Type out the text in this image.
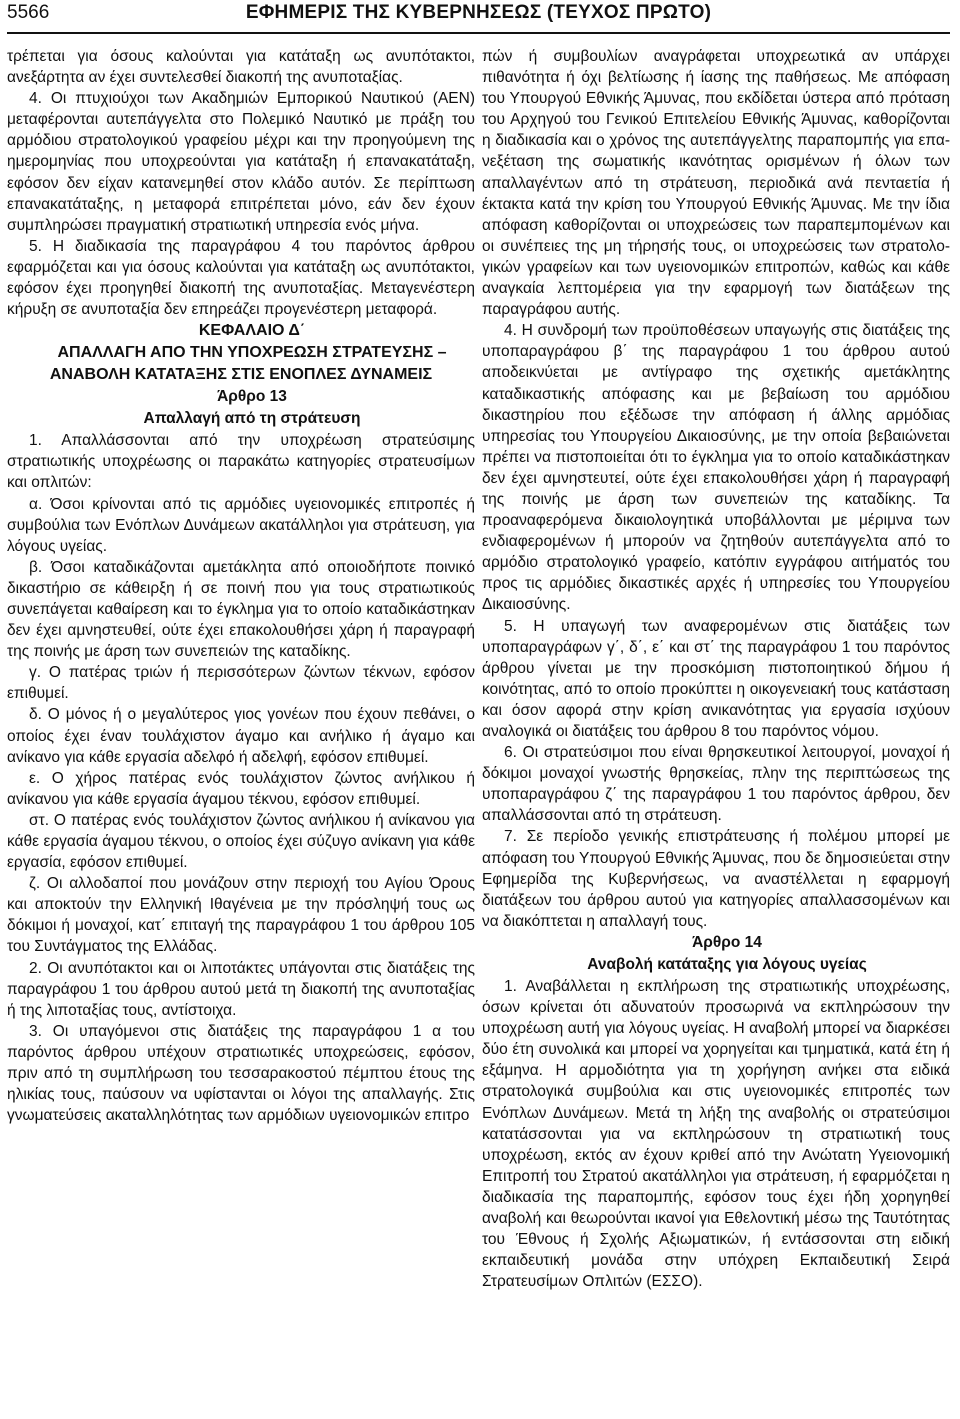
5566	ΕΦΗΜΕΡΙΣ ΤΗΣ ΚΥΒΕΡΝΗΣΕΩΣ (ΤΕΥΧΟΣ ΠΡΩΤΟ)

τρέπεται για όσους καλούνται για κατάταξη ως ανυπότακτοι, ανεξάρτητα αν έχει συντελεσθεί διακοπή της ανυποταξίας.

4. Οι πτυχιούχοι των Ακαδημιών Εμπορικού Ναυτικού (ΑΕΝ) μεταφέρονται αυτεπάγγελτα στο Πολεμικό Ναυτικό με πράξη του αρμόδιου στρατολογικού γραφείου μέχρι και την προηγούμενη της ημερομηνίας που υποχρεούνται για κατάταξη ή επανακατάταξη, εφόσον δεν είχαν κατανεμηθεί στον κλάδο αυτόν. Σε περίπτωση επανακατάταξης, η μεταφορά επιτρέπεται μόνο, εάν δεν έχουν συμπληρώσει πραγματική στρατιωτική υπηρεσία ενός μήνα.

5. Η διαδικασία της παραγράφου 4 του παρόντος άρθρου εφαρμόζεται και για όσους καλούνται για κατάταξη ως ανυπότακτοι, εφόσον έχει προηγηθεί διακοπή της ανυποταξίας. Μεταγενέστερη κήρυξη σε ανυποταξία δεν επηρεάζει προγενέστερη μεταφορά.

ΚΕΦΑΛΑΙΟ Δ΄

ΑΠΑΛΛΑΓΗ ΑΠΟ ΤΗΝ ΥΠΟΧΡΕΩΣΗ ΣΤΡΑΤΕΥΣΗΣ – ΑΝΑΒΟΛΗ ΚΑΤΑΤΑΞΗΣ ΣΤΙΣ ΕΝΟΠΛΕΣ ΔΥΝΑΜΕΙΣ

Άρθρο 13

Απαλλαγή από τη στράτευση

1. Απαλλάσσονται από την υποχρέωση στρατεύσιμης στρατιωτικής υποχρέωσης οι παρακάτω κατηγορίες στρατευσίμων και οπλιτών:

α. Όσοι κρίνονται από τις αρμόδιες υγειονομικές επιτροπές ή συμβούλια των Ενόπλων Δυνάμεων ακατάλληλοι για στράτευση, για λόγους υγείας.

β. Όσοι καταδικάζονται αμετάκλητα από οποιοδήποτε ποινικό δικαστήριο σε κάθειρξη ή σε ποινή που για τους στρατιωτικούς συνεπάγεται καθαίρεση και το έγκλημα για το οποίο καταδικάστηκαν δεν έχει αμνηστευθεί, ούτε έχει επακολουθήσει χάρη ή παραγραφή της ποινής με άρση των συνεπειών της καταδίκης.

γ. Ο πατέρας τριών ή περισσότερων ζώντων τέκνων, εφόσον επιθυμεί.

δ. Ο μόνος ή ο μεγαλύτερος γιος γονέων που έχουν πεθάνει, ο οποίος έχει έναν τουλάχιστον άγαμο και ανήλικο ή άγαμο και ανίκανο για κάθε εργασία αδελφό ή αδελφή, εφόσον επιθυμεί.

ε. Ο χήρος πατέρας ενός τουλάχιστον ζώντος ανήλικου ή ανίκανου για κάθε εργασία άγαμου τέκνου, εφόσον επιθυμεί.

στ. Ο πατέρας ενός τουλάχιστον ζώντος ανήλικου ή ανίκανου για κάθε εργασία άγαμου τέκνου, ο οποίος έχει σύζυγο ανίκανη για κάθε εργασία, εφόσον επιθυμεί.

ζ. Οι αλλοδαποί που μονάζουν στην περιοχή του Αγίου Όρους και αποκτούν την Ελληνική Ιθαγένεια με την πρόσληψή τους ως δόκιμοι ή μοναχοί, κατ΄ επιταγή της παραγράφου 1 του άρθρου 105 του Συντάγματος της Ελλάδας.

2. Οι ανυπότακτοι και οι λιποτάκτες υπάγονται στις διατάξεις της παραγράφου 1 του άρθρου αυτού μετά τη διακοπή της ανυποταξίας ή της λιποταξίας τους, αντίστοιχα.

3. Οι υπαγόμενοι στις διατάξεις της παραγράφου 1 α του παρόντος άρθρου υπέχουν στρατιωτικές υποχρεώσεις, εφόσον, πριν από τη συμπλήρωση του τεσσαρακοστού πέμπτου έτους της ηλικίας τους, παύσουν να υφίστανται οι λόγοι της απαλλαγής. Στις γνωματεύσεις ακαταλληλότητας των αρμόδιων υγειονομικών επιτρο

πών ή συμβουλίων αναγράφεται υποχρεωτικά αν υπάρχει πιθανότητα ή όχι βελτίωσης ή ίασης της παθήσεως. Με απόφαση του Υπουργού Εθνικής Άμυνας, που εκδίδεται ύστερα από πρόταση του Αρχηγού του Γενικού Επιτελείου Εθνικής Άμυνας, καθορίζονται η διαδικασία και ο χρόνος της αυτεπάγγελτης παραπομπής για επανεξέταση της σωματικής ικανότητας ορισμένων ή όλων των απαλλαγέντων από τη στράτευση, περιοδικά ανά πενταετία ή έκτακτα κατά την κρίση του Υπουργού Εθνικής Άμυνας. Με την ίδια απόφαση καθορίζονται οι υποχρεώσεις των παραπεμπομένων και οι συνέπειες της μη τήρησής τους, οι υποχρεώσεις των στρατολογικών γραφείων και των υγειονομικών επιτροπών, καθώς και κάθε αναγκαία λεπτομέρεια για την εφαρμογή των διατάξεων της παραγράφου αυτής.

4. Η συνδρομή των προϋποθέσεων υπαγωγής στις διατάξεις της υποπαραγράφου β΄ της παραγράφου 1 του άρθρου αυτού αποδεικνύεται με αντίγραφο της σχετικής αμετάκλητης καταδικαστικής απόφασης και με βεβαίωση του αρμόδιου δικαστηρίου που εξέδωσε την απόφαση ή άλλης αρμόδιας υπηρεσίας του Υπουργείου Δικαιοσύνης, με την οποία βεβαιώνεται πρέπει να πιστοποιείται ότι το έγκλημα για το οποίο καταδικάστηκαν δεν έχει αμνηστευτεί, ούτε έχει επακολουθήσει χάρη ή παραγραφή της ποινής με άρση των συνεπειών της καταδίκης. Τα προαναφερόμενα δικαιολογητικά υποβάλλονται με μέριμνα των ενδιαφερομένων ή μπορούν να ζητηθούν αυτεπάγγελτα από το αρμόδιο στρατολογικό γραφείο, κατόπιν εγγράφου αιτήματός του προς τις αρμόδιες δικαστικές αρχές ή υπηρεσίες του Υπουργείου Δικαιοσύνης.

5. Η υπαγωγή των αναφερομένων στις διατάξεις των υποπαραγράφων γ΄, δ΄, ε΄ και στ΄ της παραγράφου 1 του παρόντος άρθρου γίνεται με την προσκόμιση πιστοποιητικού δήμου ή κοινότητας, από το οποίο προκύπτει η οικογενειακή τους κατάσταση και όσον αφορά στην κρίση ανικανότητας για εργασία ισχύουν αναλογικά οι διατάξεις του άρθρου 8 του παρόντος νόμου.

6. Οι στρατεύσιμοι που είναι θρησκευτικοί λειτουργοί, μοναχοί ή δόκιμοι μοναχοί γνωστής θρησκείας, πλην της περιπτώσεως της υποπαραγράφου ζ΄ της παραγράφου 1 του παρόντος άρθρου, δεν απαλλάσσονται από τη στράτευση.

7. Σε περίοδο γενικής επιστράτευσης ή πολέμου μπορεί με απόφαση του Υπουργού Εθνικής Άμυνας, που δε δημοσιεύεται στην Εφημερίδα της Κυβερνήσεως, να αναστέλλεται η εφαρμογή διατάξεων του άρθρου αυτού για κατηγορίες απαλλασσομένων και να διακόπτεται η απαλλαγή τους.

Άρθρο 14

Αναβολή κατάταξης για λόγους υγείας

1. Αναβάλλεται η εκπλήρωση της στρατιωτικής υποχρέωσης, όσων κρίνεται ότι αδυνατούν προσωρινά να εκπληρώσουν την υποχρέωση αυτή για λόγους υγείας. Η αναβολή μπορεί να διαρκέσει δύο έτη συνολικά και μπορεί να χορηγείται και τμηματικά, κατά έτη ή εξάμηνα. Η αρμοδιότητα για τη χορήγηση ανήκει στα ειδικά στρατολογικά συμβούλια και στις υγειονομικές επιτροπές των Ενόπλων Δυνάμεων. Μετά τη λήξη της αναβολής οι στρατεύσιμοι κατατάσσονται για να εκπληρώσουν τη στρατιωτική τους υποχρέωση, εκτός αν έχουν κριθεί από την Ανώτατη Υγειονομική Επιτροπή του Στρατού ακατάλληλοι για στράτευση, ή εφαρμόζεται η διαδικασία της παραπομπής, εφόσον τους έχει ήδη χορηγηθεί αναβολή και θεωρούνται ικανοί για Εθελοντική μέσω της Ταυτότητας του Έθνους ή Σχολής Αξιωματικών, ή εντάσσονται στη ειδική εκπαιδευτική μονάδα στην υπόχρεη Εκπαιδευτική Σειρά Στρατευσίμων Οπλιτών (ΕΣΣΟ).
